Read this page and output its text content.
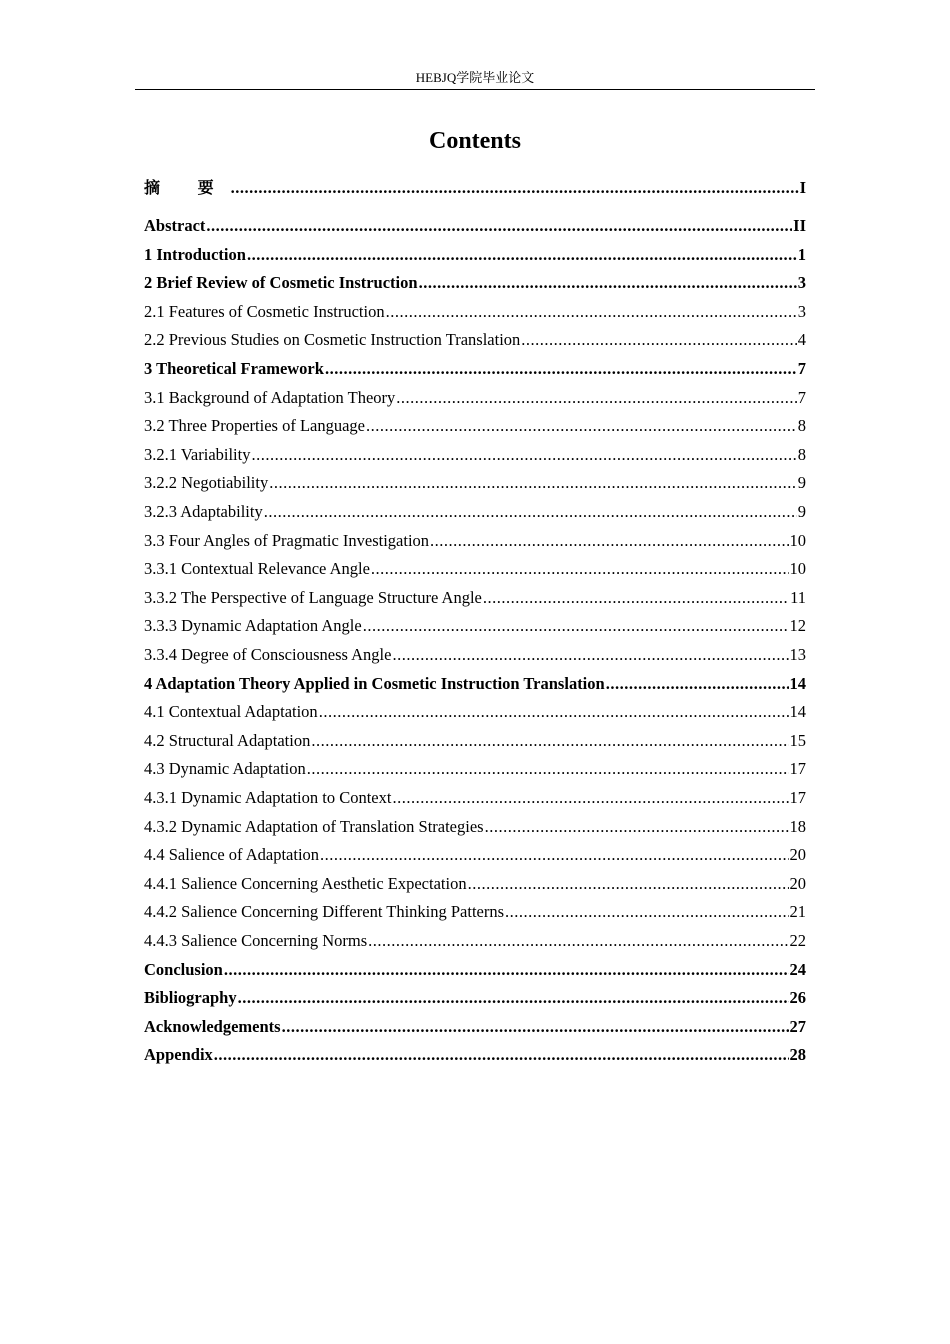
HEBJQ学院毕业论文
Contents
摘 要 .....	I
Abstract .....	II
1 Introduction .....	1
2 Brief Review of Cosmetic Instruction .....	3
2.1 Features of Cosmetic Instruction .....	3
2.2 Previous Studies on Cosmetic Instruction Translation .....	4
3 Theoretical Framework .....	7
3.1 Background of Adaptation Theory .....	7
3.2 Three Properties of Language .....	8
3.2.1 Variability .....	8
3.2.2 Negotiability .....	9
3.2.3 Adaptability .....	9
3.3 Four Angles of Pragmatic Investigation .....	10
3.3.1 Contextual Relevance Angle .....	10
3.3.2 The Perspective of Language Structure Angle .....	11
3.3.3 Dynamic Adaptation Angle .....	12
3.3.4 Degree of Consciousness Angle .....	13
4 Adaptation Theory Applied in Cosmetic Instruction Translation .....	14
4.1 Contextual Adaptation .....	14
4.2 Structural Adaptation .....	15
4.3 Dynamic Adaptation .....	17
4.3.1 Dynamic Adaptation to Context .....	17
4.3.2 Dynamic Adaptation of Translation Strategies .....	18
4.4 Salience of Adaptation .....	20
4.4.1 Salience Concerning Aesthetic Expectation .....	20
4.4.2 Salience Concerning Different Thinking Patterns .....	21
4.4.3 Salience Concerning Norms .....	22
Conclusion .....	24
Bibliography .....	26
Acknowledgements .....	27
Appendix .....	28
